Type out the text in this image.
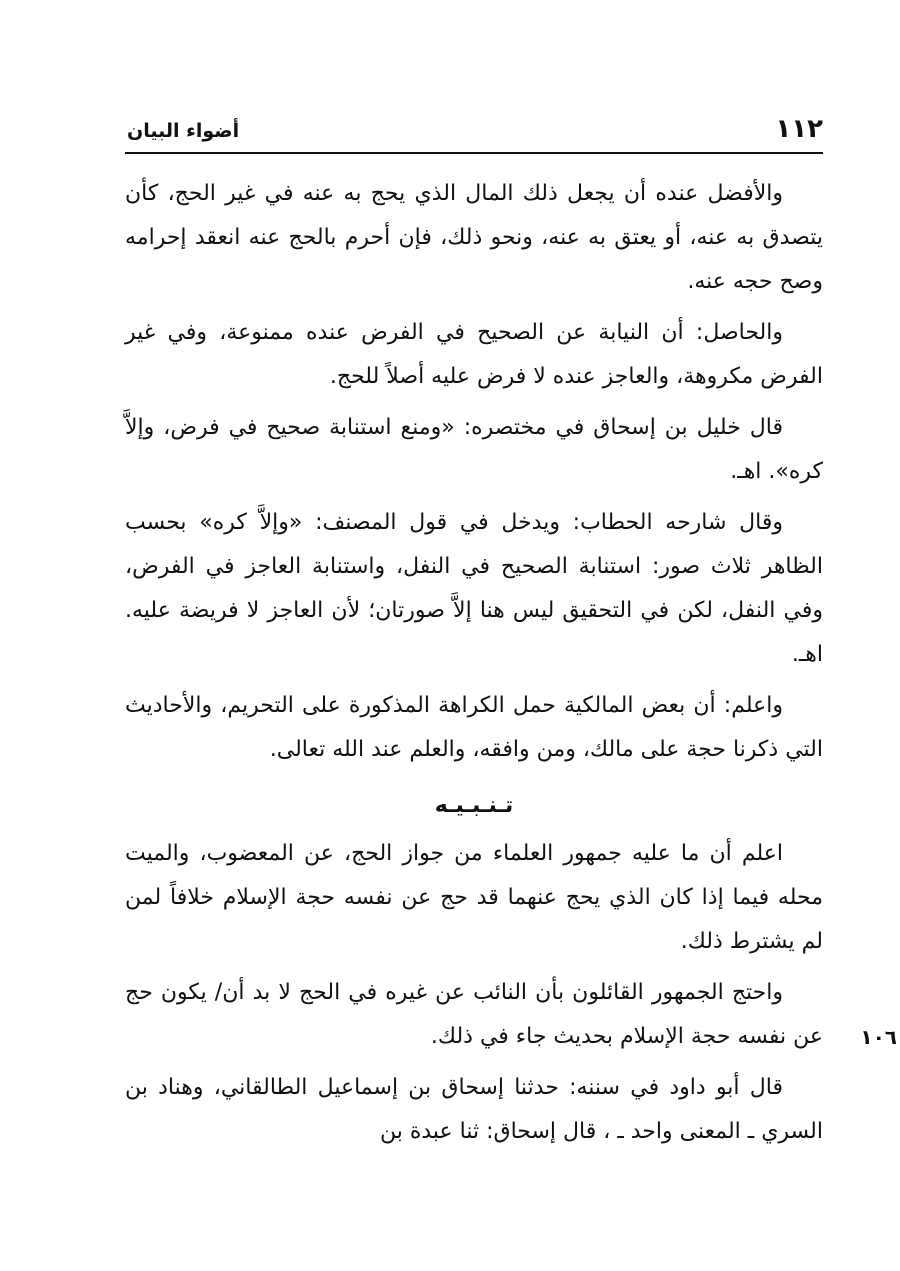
١١٢
أضواء البيان

والأفضل عنده أن يجعل ذلك المال الذي يحج به عنه في غير الحج، كأن يتصدق به عنه، أو يعتق به عنه، ونحو ذلك، فإن أحرم بالحج عنه انعقد إحرامه وصح حجه عنه.

والحاصل: أن النيابة عن الصحيح في الفرض عنده ممنوعة، وفي غير الفرض مكروهة، والعاجز عنده لا فرض عليه أصلاً للحج.

قال خليل بن إسحاق في مختصره: «ومنع استنابة صحيح في فرض، وإلاَّ كره». اهـ.

وقال شارحه الحطاب: ويدخل في قول المصنف: «وإلاَّ كره» بحسب الظاهر ثلاث صور: استنابة الصحيح في النفل، واستنابة العاجز في الفرض، وفي النفل، لكن في التحقيق ليس هنا إلاَّ صورتان؛ لأن العاجز لا فريضة عليه. اهـ.

واعلم: أن بعض المالكية حمل الكراهة المذكورة على التحريم، والأحاديث التي ذكرنا حجة على مالك، ومن وافقه، والعلم عند الله تعالى.

تـنـبـيـه

اعلم أن ما عليه جمهور العلماء من جواز الحج، عن المعضوب، والميت محله فيما إذا كان الذي يحج عنهما قد حج عن نفسه حجة الإسلام خلافاً لمن لم يشترط ذلك.

١٠٦

واحتج الجمهور القائلون بأن النائب عن غيره في الحج لا بد أن/ يكون حج عن نفسه حجة الإسلام بحديث جاء في ذلك.

قال أبو داود في سننه: حدثنا إسحاق بن إسماعيل الطالقاني، وهناد بن السري ـ المعنى واحد ـ ، قال إسحاق: ثنا عبدة بن
